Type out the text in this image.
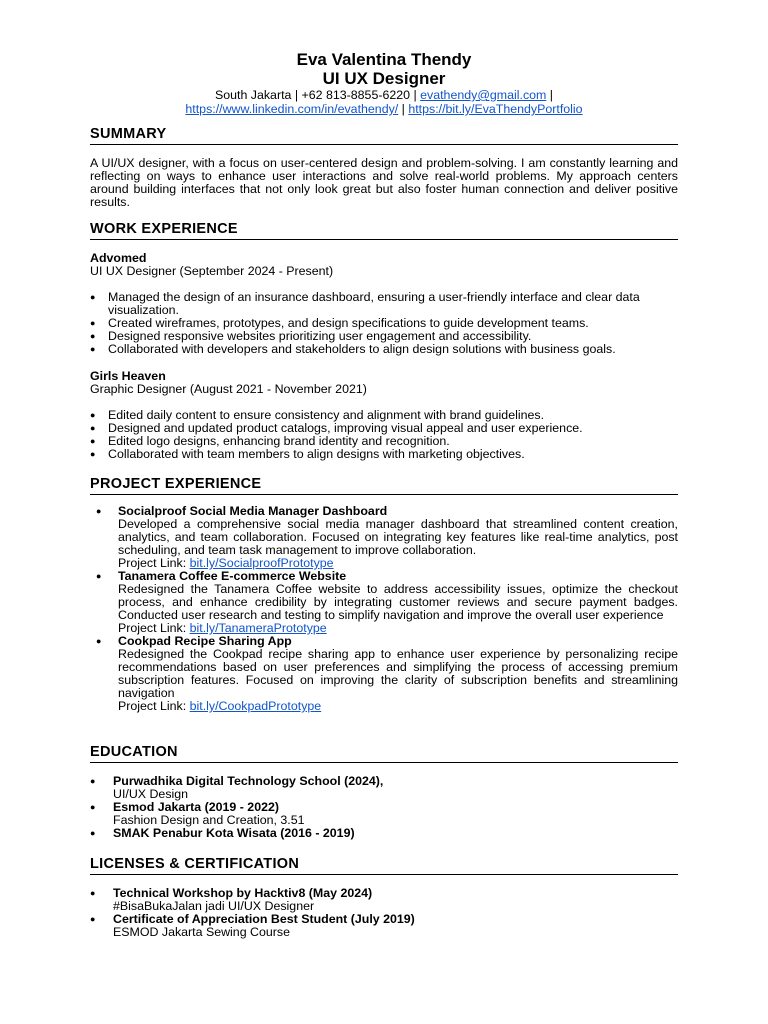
Eva Valentina Thendy
UI UX Designer
South Jakarta | +62 813-8855-6220 | evathendy@gmail.com |
https://www.linkedin.com/in/evathendy/ | https://bit.ly/EvaThendyPortfolio
SUMMARY
A UI/UX designer, with a focus on user-centered design and problem-solving. I am constantly learning and reflecting on ways to enhance user interactions and solve real-world problems. My approach centers around building interfaces that not only look great but also foster human connection and deliver positive results.
WORK EXPERIENCE
Advomed
UI UX Designer (September 2024 - Present)
● Managed the design of an insurance dashboard, ensuring a user-friendly interface and clear data visualization.
● Created wireframes, prototypes, and design specifications to guide development teams.
● Designed responsive websites prioritizing user engagement and accessibility.
● Collaborated with developers and stakeholders to align design solutions with business goals.
Girls Heaven
Graphic Designer (August 2021 - November 2021)
● Edited daily content to ensure consistency and alignment with brand guidelines.
● Designed and updated product catalogs, improving visual appeal and user experience.
● Edited logo designs, enhancing brand identity and recognition.
● Collaborated with team members to align designs with marketing objectives.
PROJECT EXPERIENCE
● Socialproof Social Media Manager Dashboard
Developed a comprehensive social media manager dashboard that streamlined content creation, analytics, and team collaboration. Focused on integrating key features like real-time analytics, post scheduling, and team task management to improve collaboration.
Project Link: bit.ly/SocialproofPrototype
● Tanamera Coffee E-commerce Website
Redesigned the Tanamera Coffee website to address accessibility issues, optimize the checkout process, and enhance credibility by integrating customer reviews and secure payment badges. Conducted user research and testing to simplify navigation and improve the overall user experience
Project Link: bit.ly/TanameraPrototype
● Cookpad Recipe Sharing App
Redesigned the Cookpad recipe sharing app to enhance user experience by personalizing recipe recommendations based on user preferences and simplifying the process of accessing premium subscription features. Focused on improving the clarity of subscription benefits and streamlining navigation
Project Link: bit.ly/CookpadPrototype
EDUCATION
● Purwadhika Digital Technology School (2024),
UI/UX Design
● Esmod Jakarta (2019 - 2022)
Fashion Design and Creation, 3.51
● SMAK Penabur Kota Wisata (2016 - 2019)
LICENSES & CERTIFICATION
● Technical Workshop by Hacktiv8 (May 2024)
#BisaBukaJalan jadi UI/UX Designer
● Certificate of Appreciation Best Student (July 2019)
ESMOD Jakarta Sewing Course
